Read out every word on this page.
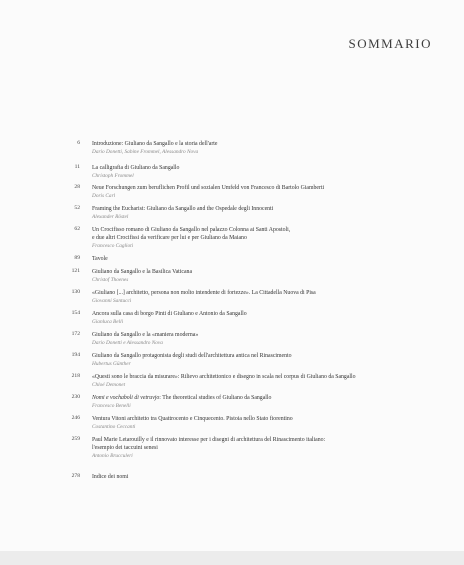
SOMMARIO
6 Introduzione: Giuliano da Sangallo e la storia dell'arte
Dario Donetti, Sabine Frommel, Alessandro Nova
11 La calligrafia di Giuliano da Sangallo
Christoph Frommel
28 Neue Forschungen zum beruflichen Profil und sozialen Umfeld von Francesco di Bartolo Giamberti
Doris Carl
52 Framing the Eucharist: Giuliano da Sangallo and the Ospedale degli Innocenti
Alexander Röstel
62 Un Crocifisso romano di Giuliano da Sangallo nel palazzo Colonna ai Santi Apostoli,
e due altri Crocifissi da verificare per lui e per Giuliano da Maiano
Francesco Caglioti
89 Tavole
121 Giuliano da Sangallo e la Basilica Vaticana
Christof Thoenes
130 «Giuliano [...] architetto, persona non molto intendente di fortezze». La Cittadella Nuova di Pisa
Giovanni Santucci
154 Ancora sulla casa di borgo Pinti di Giuliano e Antonio da Sangallo
Gianluca Belli
172 Giuliano da Sangallo e la «maniera moderna»
Dario Donetti e Alessandro Nova
194 Giuliano da Sangallo protagonista degli studi dell'architettura antica nel Rinascimento
Hubertus Günther
218 «Questi sono le braccia da misurare»: Rilievo architettonico e disegno in scala nel corpus di Giuliano da Sangallo
Chloé Demonet
230 Nomi e vochaboli di vetruvjo: The theoretical studies of Giuliano da Sangallo
Francesco Benelli
246 Ventura Vitoni architetto tra Quattrocento e Cinquecento. Pistoia nello Stato fiorentino
Costantino Ceccanti
259 Paul Marie Letarouilly e il rinnovato interesse per i disegni di architettura del Rinascimento italiano:
l'esempio dei taccuini senesi
Antonio Brucculeri
278 Indice dei nomi
